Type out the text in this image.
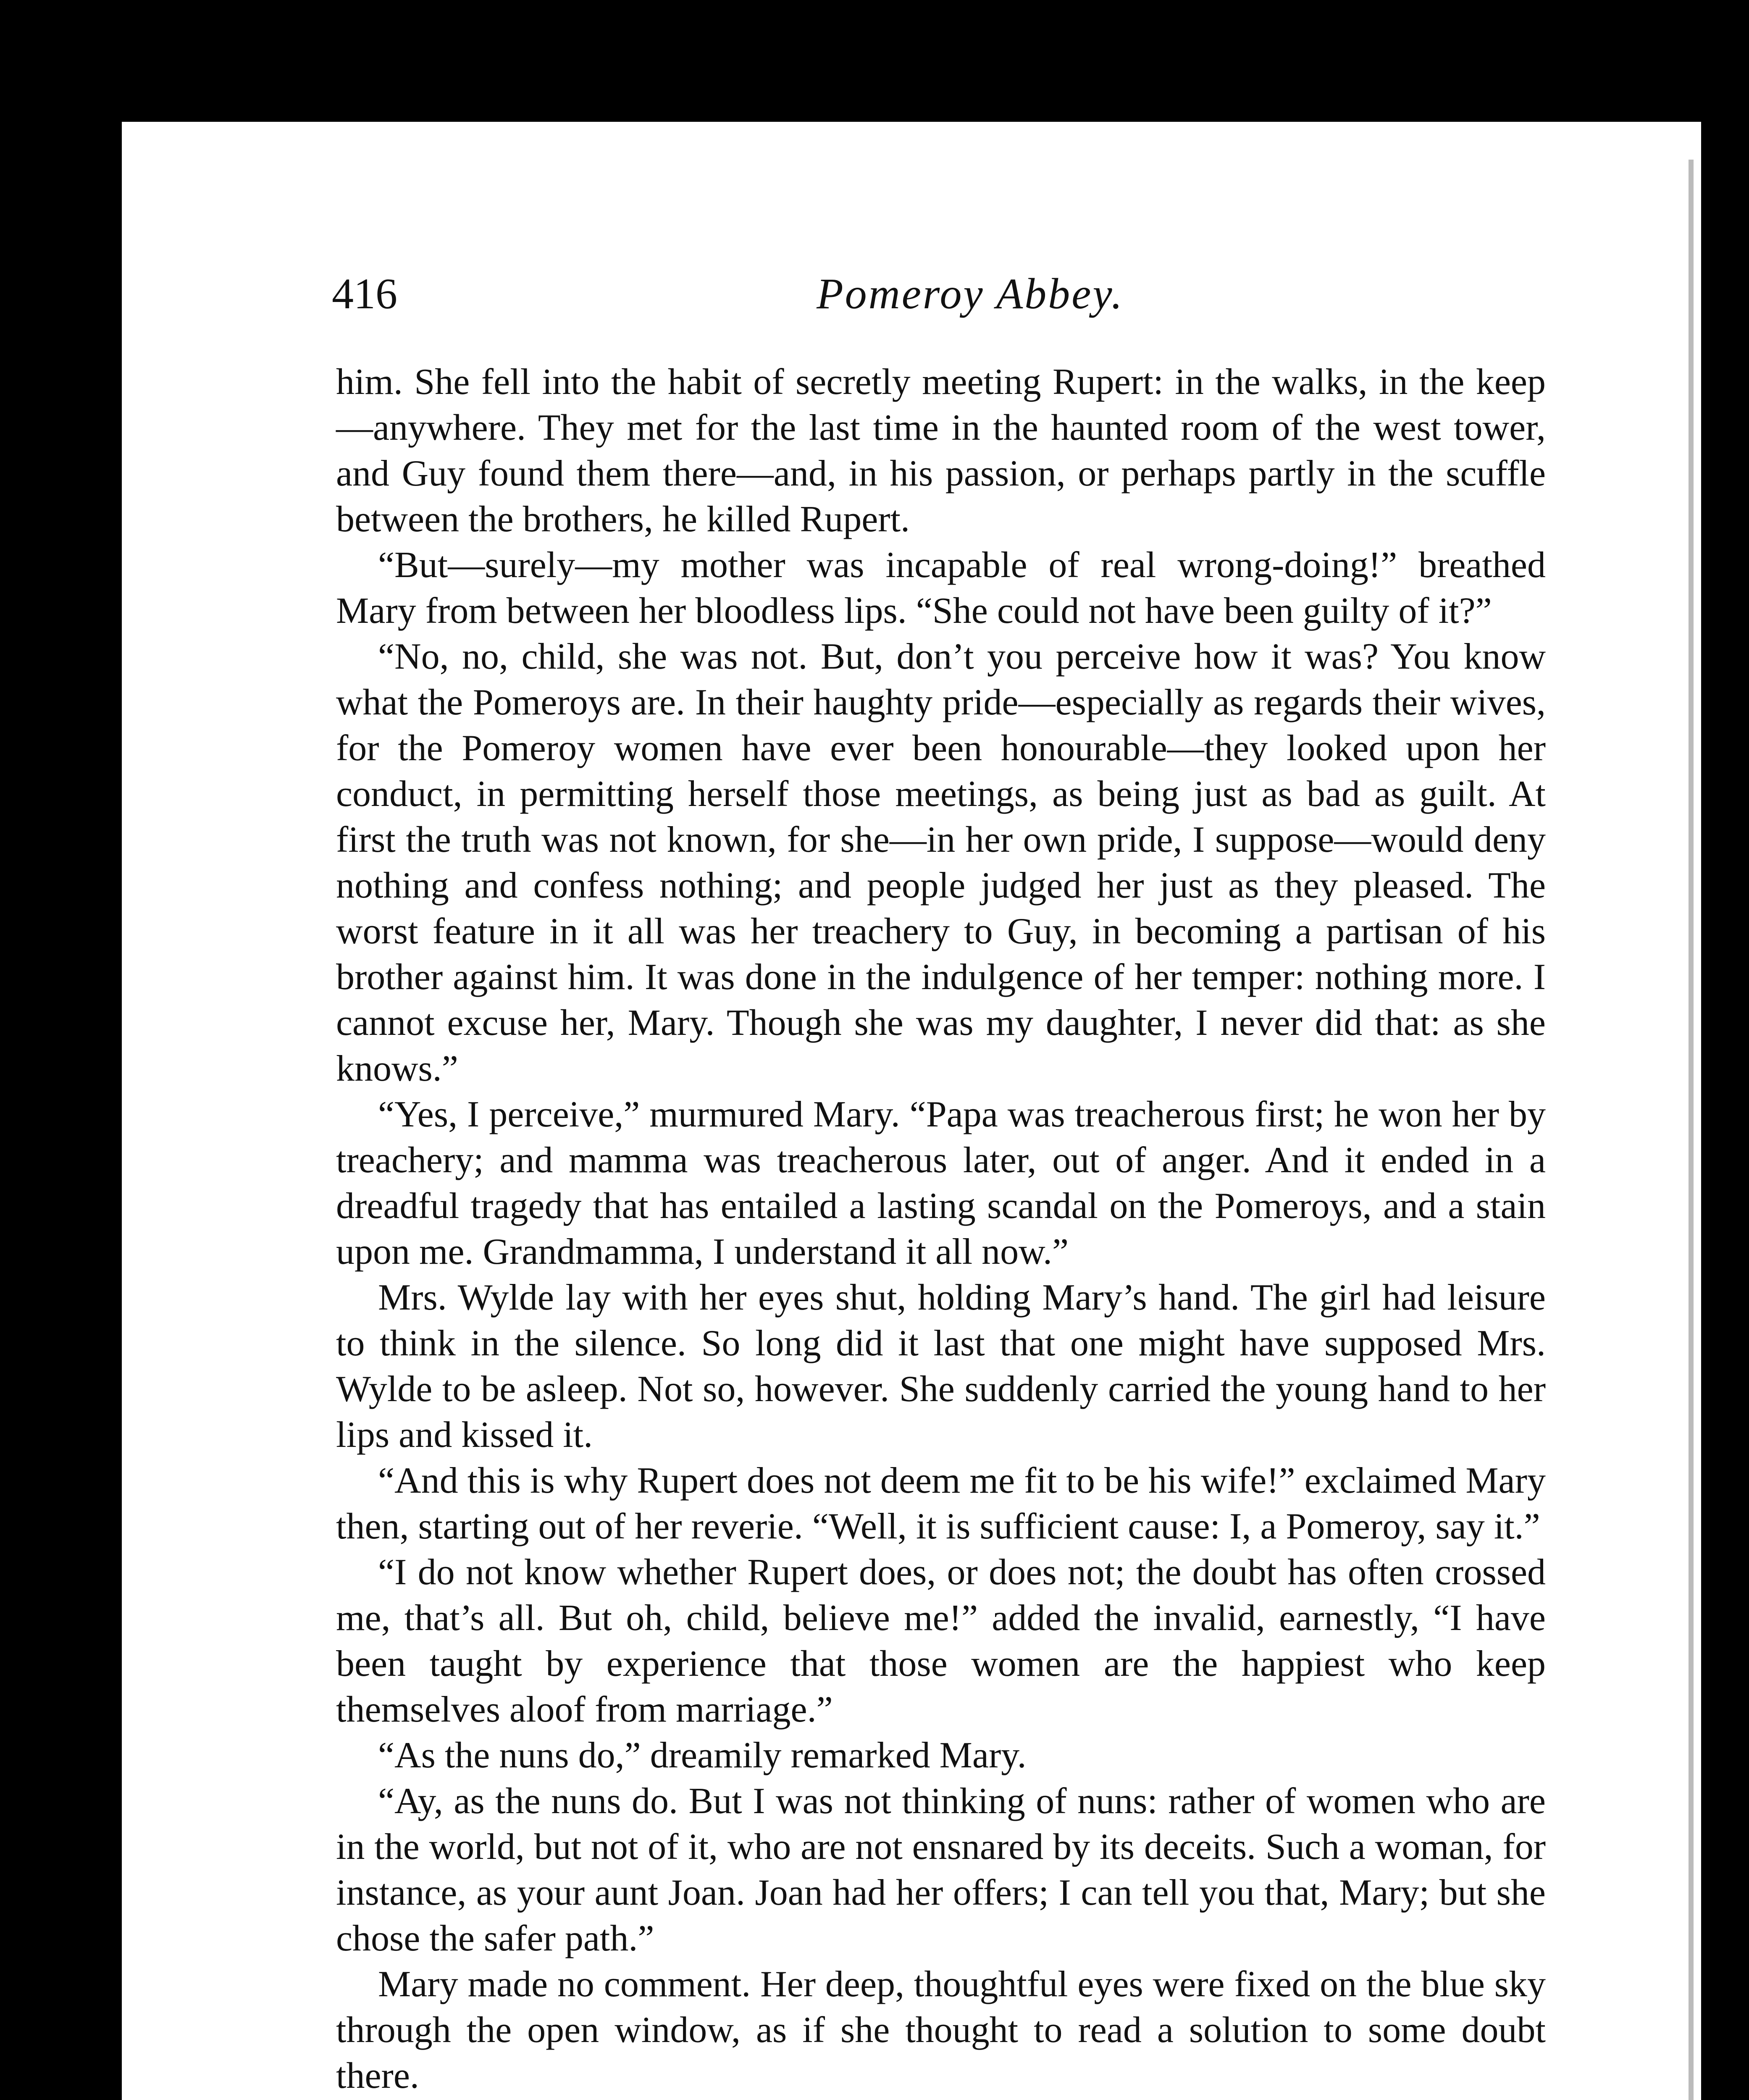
416	Pomeroy Abbey.

him. She fell into the habit of secretly meeting Rupert: in the walks, in the keep—anywhere. They met for the last time in the haunted room of the west tower, and Guy found them there—and, in his passion, or perhaps partly in the scuffle between the brothers, he killed Rupert.

“But—surely—my mother was incapable of real wrong-doing!” breathed Mary from between her bloodless lips. “She could not have been guilty of it?”

“No, no, child, she was not. But, don’t you perceive how it was? You know what the Pomeroys are. In their haughty pride—especially as regards their wives, for the Pomeroy women have ever been honourable—they looked upon her conduct, in permitting herself those meetings, as being just as bad as guilt. At first the truth was not known, for she—in her own pride, I suppose—would deny nothing and confess nothing; and people judged her just as they pleased. The worst feature in it all was her treachery to Guy, in becoming a partisan of his brother against him. It was done in the indulgence of her temper: nothing more. I cannot excuse her, Mary. Though she was my daughter, I never did that: as she knows.”

“Yes, I perceive,” murmured Mary. “Papa was treacherous first; he won her by treachery; and mamma was treacherous later, out of anger. And it ended in a dreadful tragedy that has entailed a lasting scandal on the Pomeroys, and a stain upon me. Grandmamma, I understand it all now.”

Mrs. Wylde lay with her eyes shut, holding Mary’s hand. The girl had leisure to think in the silence. So long did it last that one might have supposed Mrs. Wylde to be asleep. Not so, however. She suddenly carried the young hand to her lips and kissed it.

“And this is why Rupert does not deem me fit to be his wife!” exclaimed Mary then, starting out of her reverie. “Well, it is sufficient cause: I, a Pomeroy, say it.”

“I do not know whether Rupert does, or does not; the doubt has often crossed me, that’s all. But oh, child, believe me!” added the invalid, earnestly, “I have been taught by experience that those women are the happiest who keep themselves aloof from marriage.”

“As the nuns do,” dreamily remarked Mary.

“Ay, as the nuns do. But I was not thinking of nuns: rather of women who are in the world, but not of it, who are not ensnared by its deceits. Such a woman, for instance, as your aunt Joan. Joan had her offers; I can tell you that, Mary; but she chose the safer path.”

Mary made no comment. Her deep, thoughtful eyes were fixed on the blue sky through the open window, as if she thought to read a solution to some doubt there.
